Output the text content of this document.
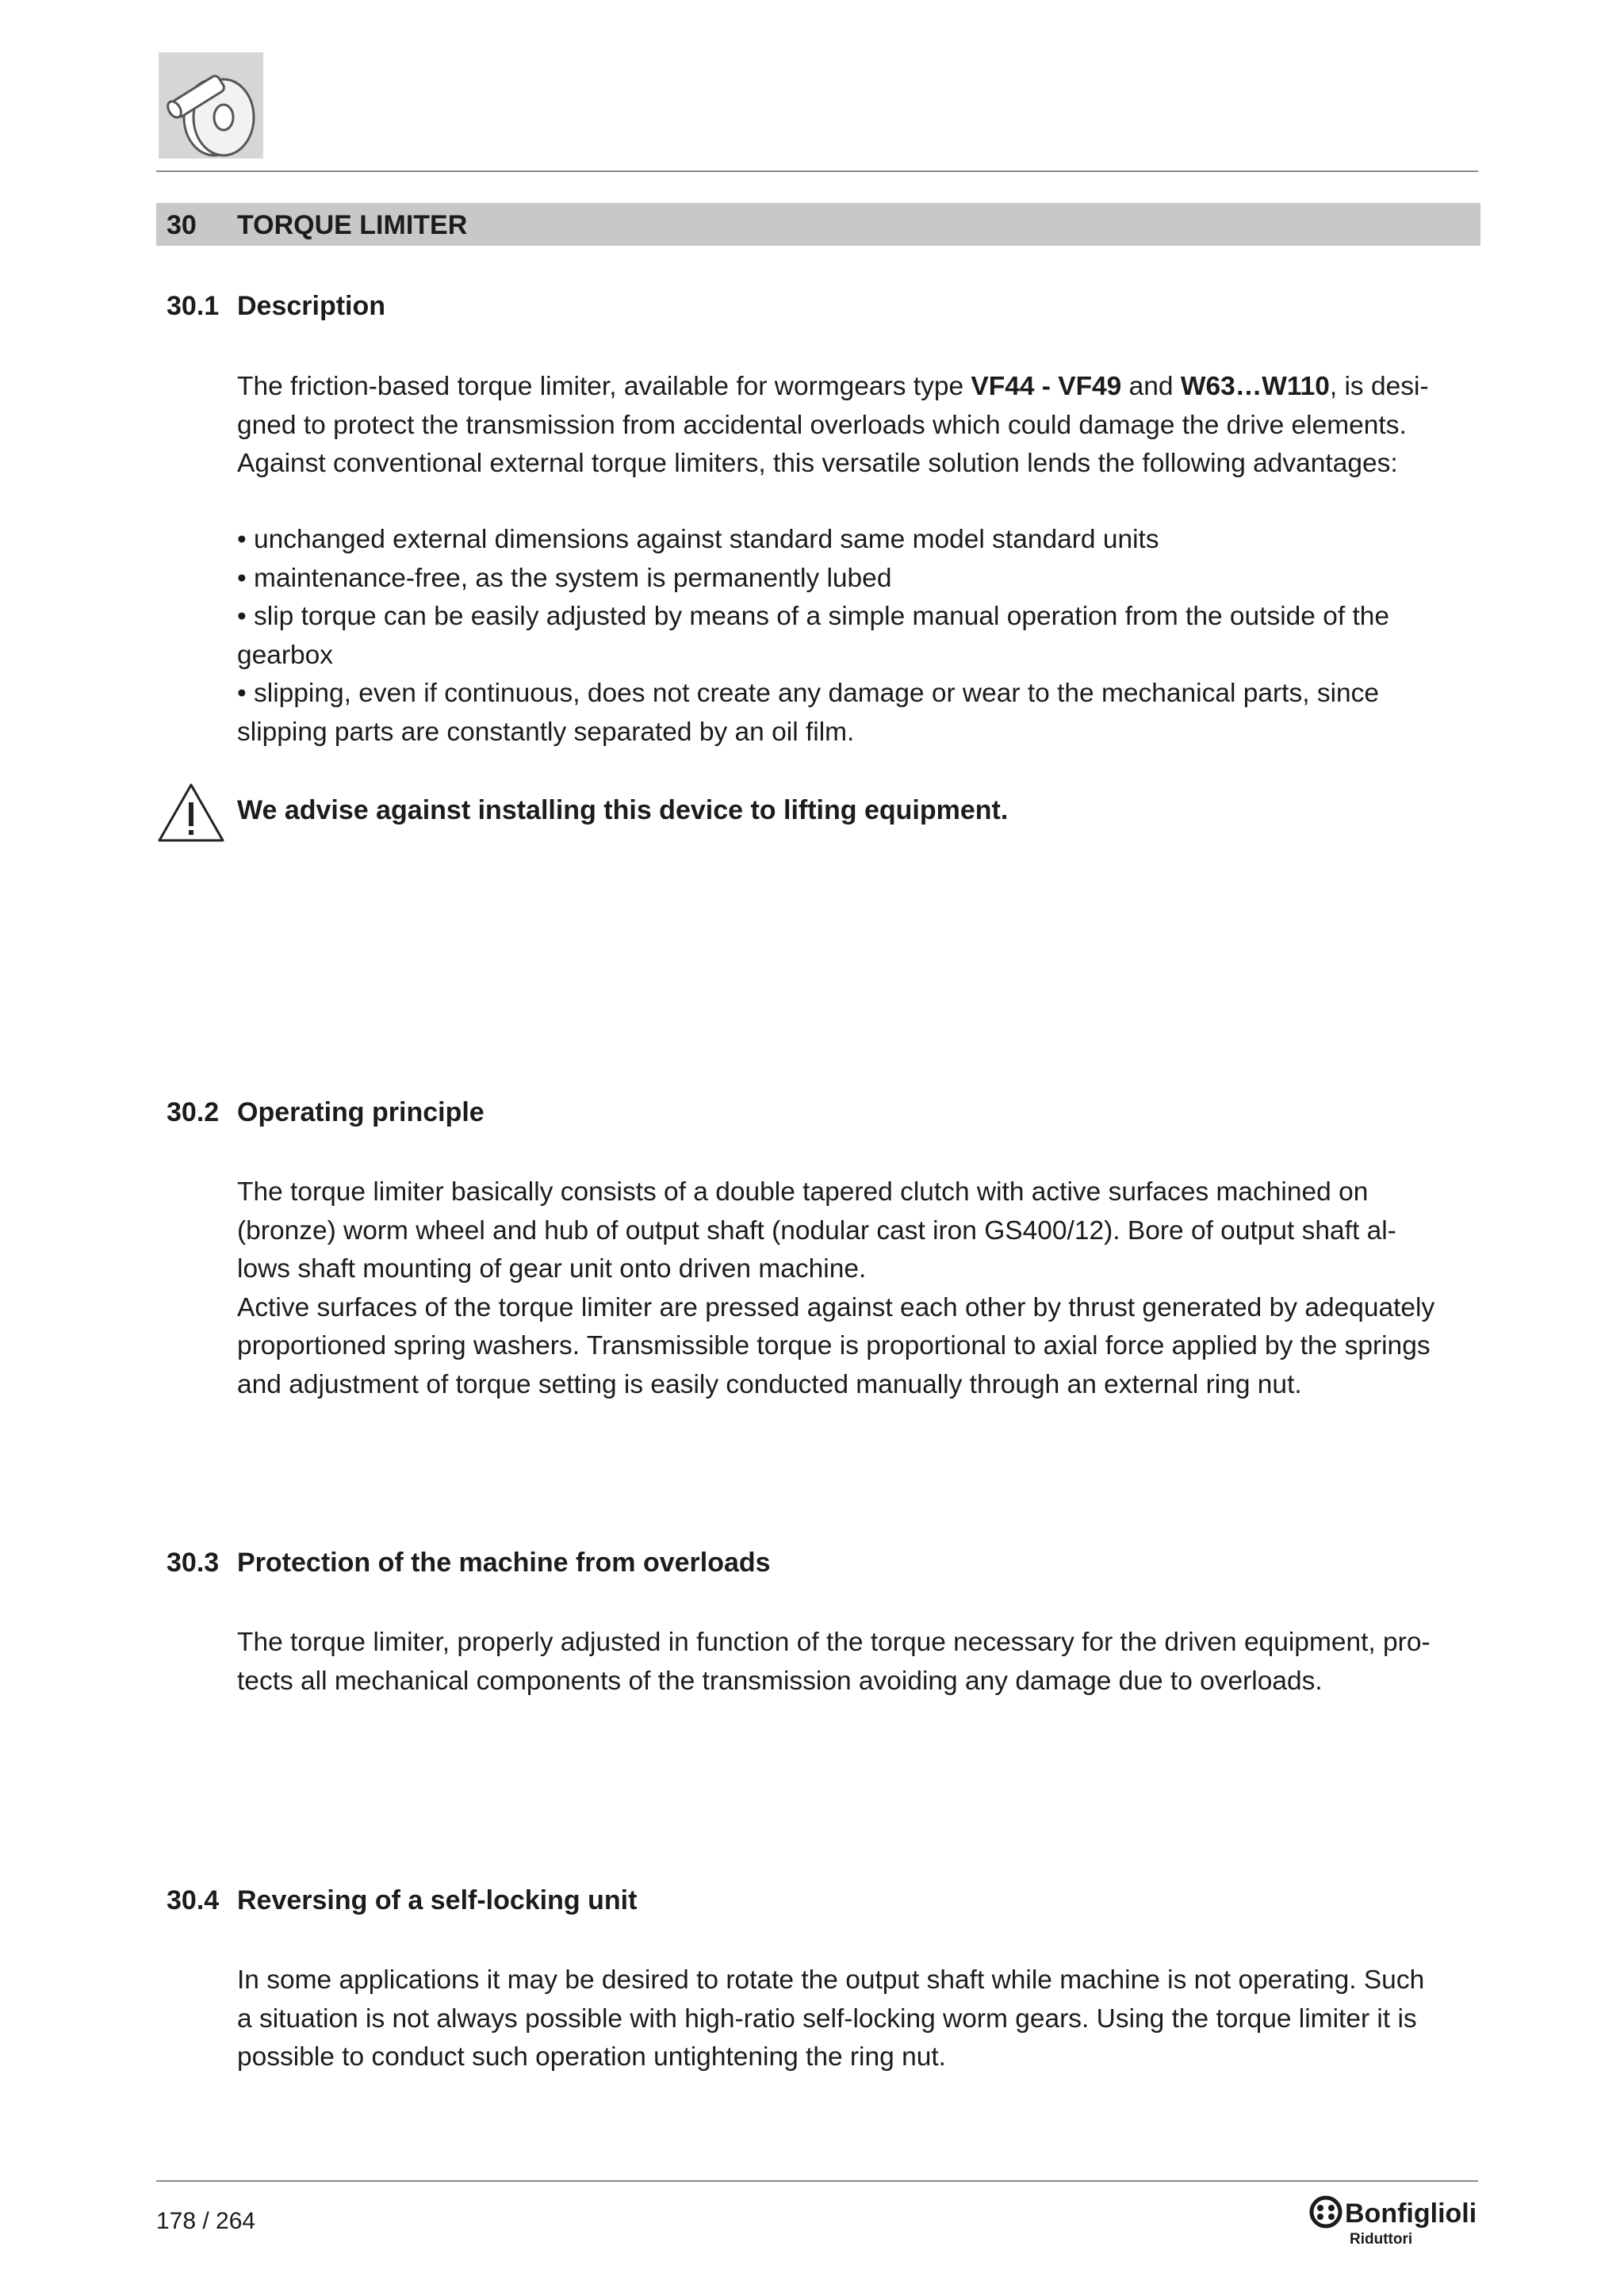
30 TORQUE LIMITER
30.1 Description
The friction-based torque limiter, available for wormgears type VF44 - VF49 and W63…W110, is desi-
gned to protect the transmission from accidental overloads which could damage the drive elements.
Against conventional external torque limiters, this versatile solution lends the following advantages:
• unchanged external dimensions against standard same model standard units
• maintenance-free, as the system is permanently lubed
• slip torque can be easily adjusted by means of a simple manual operation from the outside of the
gearbox
• slipping, even if continuous, does not create any damage or wear to the mechanical parts, since
slipping parts are constantly separated by an oil film.
We advise against installing this device to lifting equipment.
30.2 Operating principle
The torque limiter basically consists of a double tapered clutch with active surfaces machined on
(bronze) worm wheel and hub of output shaft (nodular cast iron GS400/12). Bore of output shaft al-
lows shaft mounting of gear unit onto driven machine.
Active surfaces of the torque limiter are pressed against each other by thrust generated by adequately
proportioned spring washers. Transmissible torque is proportional to axial force applied by the springs
and adjustment of torque setting is easily conducted manually through an external ring nut.
30.3 Protection of the machine from overloads
The torque limiter, properly adjusted in function of the torque necessary for the driven equipment, pro-
tects all mechanical components of the transmission avoiding any damage due to overloads.
30.4 Reversing of a self-locking unit
In some applications it may be desired to rotate the output shaft while machine is not operating. Such
a situation is not always possible with high-ratio self-locking worm gears. Using the torque limiter it is
possible to conduct such operation untightening the ring nut.
178 / 264	Bonfiglioli
Riduttori
